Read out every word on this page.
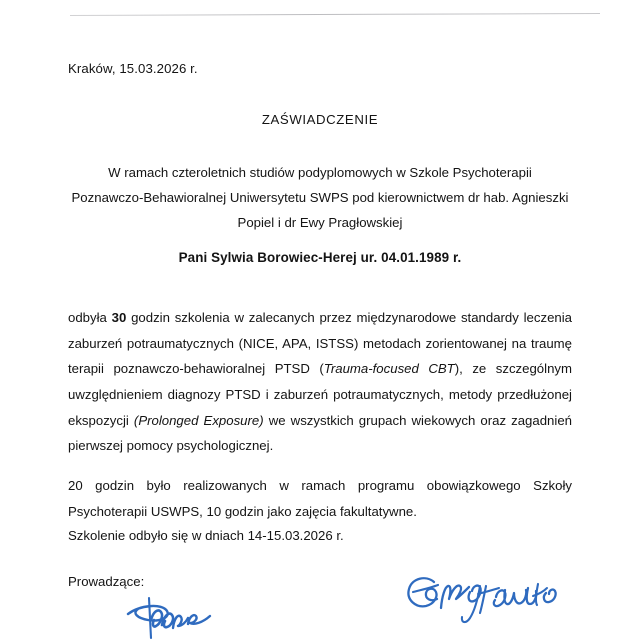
Kraków, 15.03.2026 r.
ZAŚWIADCZENIE
W ramach czteroletnich studiów podyplomowych w Szkole Psychoterapii
Poznawczo-Behawioralnej Uniwersytetu SWPS pod kierownictwem dr hab. Agnieszki
Popiel i dr Ewy Pragłowskiej
Pani Sylwia Borowiec-Herej ur. 04.01.1989 r.

odbyła 30 godzin szkolenia w zalecanych przez międzynarodowe standardy leczenia zaburzeń potraumatycznych (NICE, APA, ISTSS) metodach zorientowanej na traumę terapii poznawczo-behawioralnej PTSD (Trauma-focused CBT), ze szczególnym uwzględnieniem diagnozy PTSD i zaburzeń potraumatycznych, metody przedłużonej ekspozycji (Prolonged Exposure) we wszystkich grupach wiekowych oraz zagadnień pierwszej pomocy psychologicznej.

20 godzin było realizowanych w ramach programu obowiązkowego Szkoły Psychoterapii USWPS, 10 godzin jako zajęcia fakultatywne.

Szkolenie odbyło się w dniach 14-15.03.2026 r.
Prowadzące:
